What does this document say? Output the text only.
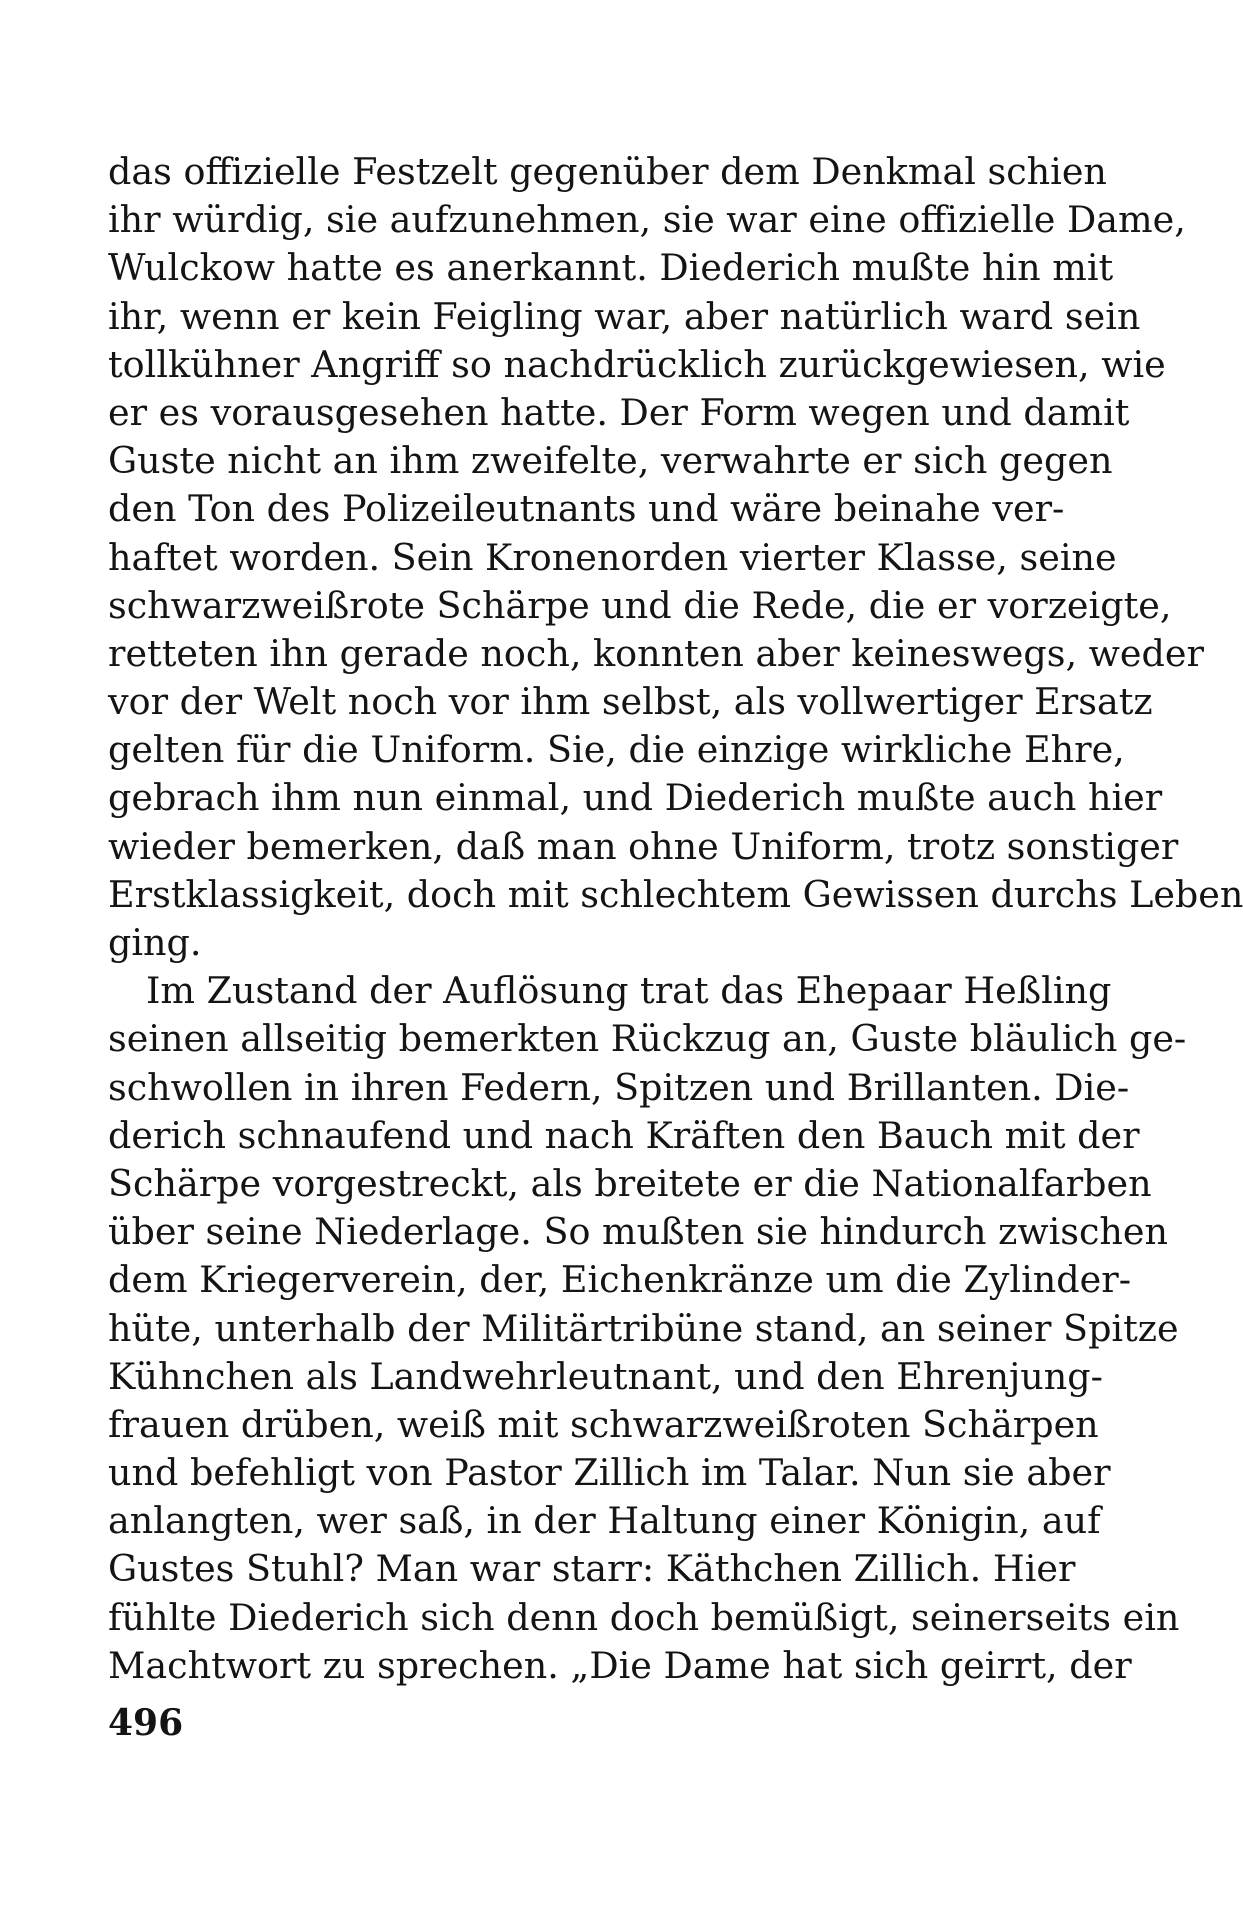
das offizielle Festzelt gegenüber dem Denkmal schien
ihr würdig, sie aufzunehmen, sie war eine offizielle Dame,
Wulckow hatte es anerkannt. Diederich mußte hin mit
ihr, wenn er kein Feigling war, aber natürlich ward sein
tollkühner Angriff so nachdrücklich zurückgewiesen, wie
er es vorausgesehen hatte. Der Form wegen und damit
Guste nicht an ihm zweifelte, verwahrte er sich gegen
den Ton des Polizeileutnants und wäre beinahe ver-
haftet worden. Sein Kronenorden vierter Klasse, seine
schwarzweißrote Schärpe und die Rede, die er vorzeigte,
retteten ihn gerade noch, konnten aber keineswegs, weder
vor der Welt noch vor ihm selbst, als vollwertiger Ersatz
gelten für die Uniform. Sie, die einzige wirkliche Ehre,
gebrach ihm nun einmal, und Diederich mußte auch hier
wieder bemerken, daß man ohne Uniform, trotz sonstiger
Erstklassigkeit, doch mit schlechtem Gewissen durchs Leben
ging.
Im Zustand der Auflösung trat das Ehepaar Heßling
seinen allseitig bemerkten Rückzug an, Guste bläulich ge-
schwollen in ihren Federn, Spitzen und Brillanten. Die-
derich schnaufend und nach Kräften den Bauch mit der
Schärpe vorgestreckt, als breitete er die Nationalfarben
über seine Niederlage. So mußten sie hindurch zwischen
dem Kriegerverein, der, Eichenkränze um die Zylinder-
hüte, unterhalb der Militärtribüne stand, an seiner Spitze
Kühnchen als Landwehrleutnant, und den Ehrenjung-
frauen drüben, weiß mit schwarzweißroten Schärpen
und befehligt von Pastor Zillich im Talar. Nun sie aber
anlangten, wer saß, in der Haltung einer Königin, auf
Gustes Stuhl? Man war starr: Käthchen Zillich. Hier
fühlte Diederich sich denn doch bemüßigt, seinerseits ein
Machtwort zu sprechen. „Die Dame hat sich geirrt, der
496
